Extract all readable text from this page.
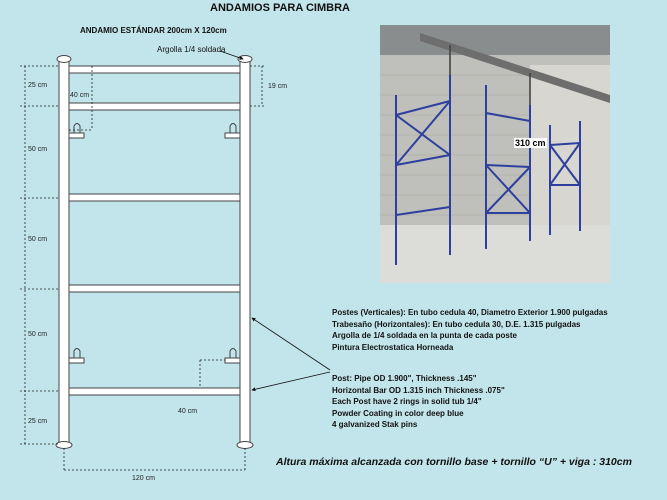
ANDAMIOS PARA CIMBRA
ANDAMIO ESTÁNDAR 200cm X 120cm
Argolla 1/4 soldada
25 cm
40 cm
19 cm
50 cm
50 cm
50 cm
25 cm
40 cm
120 cm
310 cm
Postes (Verticales): En tubo cedula 40, Diametro Exterior 1.900 pulgadas
Trabesaño (Horizontales): En tubo cedula 30, D.E. 1.315 pulgadas
Argolla de 1/4 soldada en la punta de cada poste
Pintura Electrostatica Horneada
Post: Pipe OD 1.900", Thickness .145"
Horizontal Bar OD 1.315 inch Thickness .075"
Each Post have 2 rings in solid tub 1/4"
Powder Coating in color deep blue
4 galvanized Stak pins
Altura máxima alcanzada con tornillo base + tornillo “U” + viga : 310cm
